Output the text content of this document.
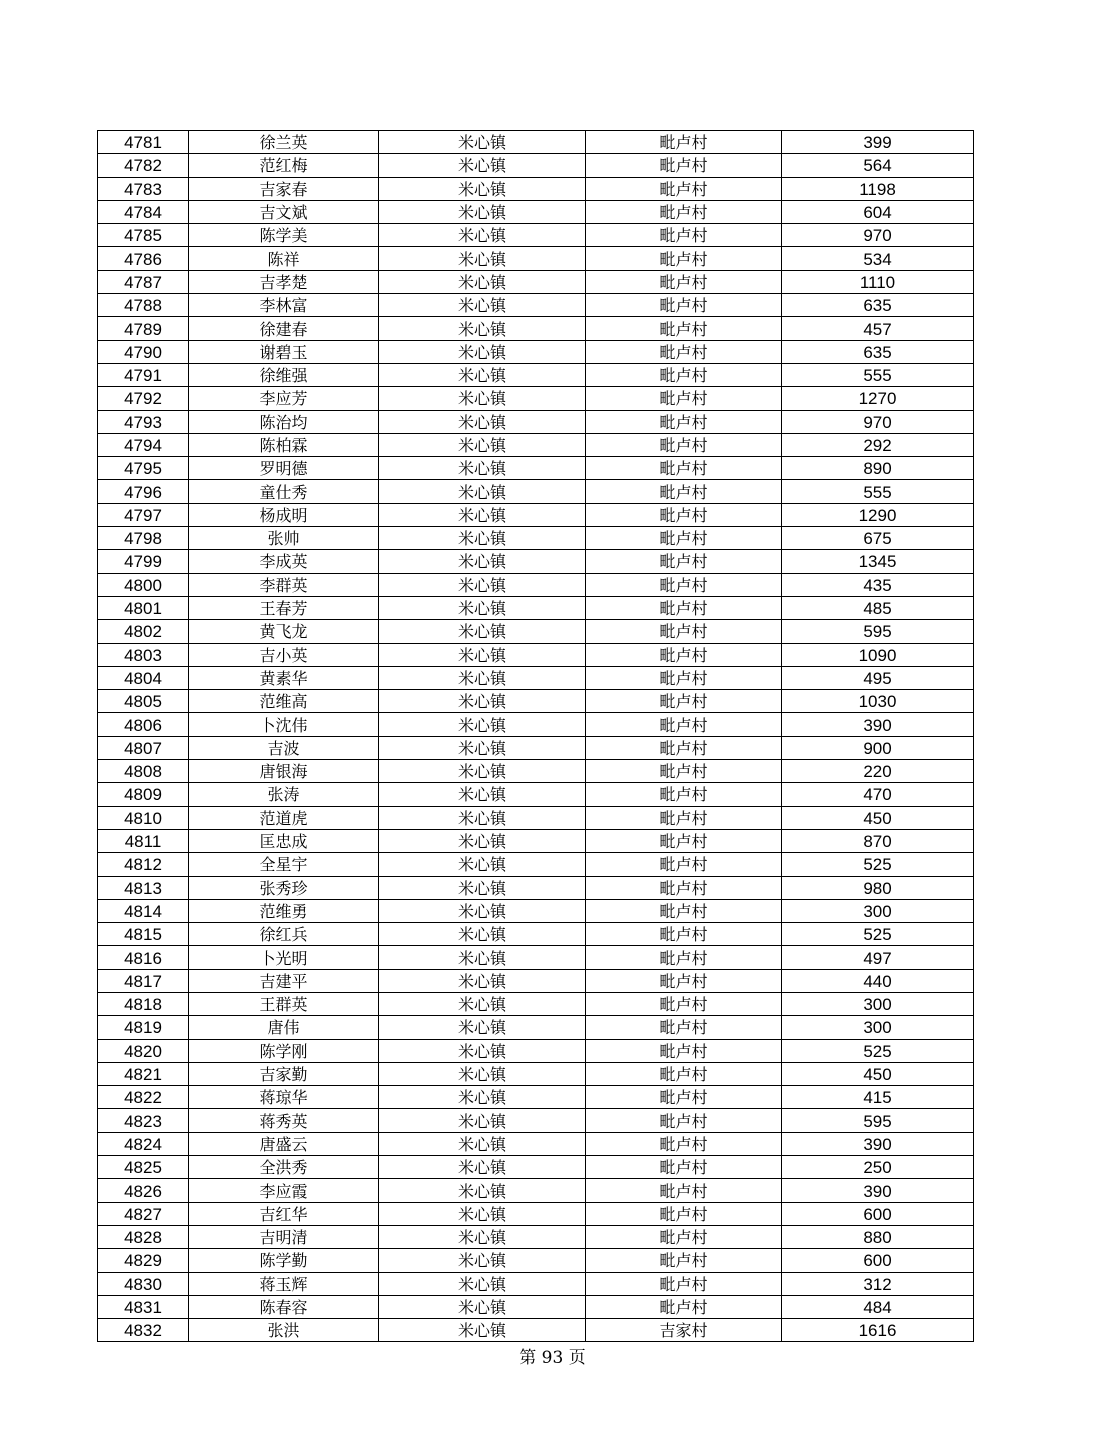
4781	徐兰英	米心镇	毗卢村	399
4782	范红梅	米心镇	毗卢村	564
4783	吉家春	米心镇	毗卢村	1198
4784	吉文斌	米心镇	毗卢村	604
4785	陈学美	米心镇	毗卢村	970
4786	陈祥	米心镇	毗卢村	534
4787	吉孝楚	米心镇	毗卢村	1110
4788	李林富	米心镇	毗卢村	635
4789	徐建春	米心镇	毗卢村	457
4790	谢碧玉	米心镇	毗卢村	635
4791	徐维强	米心镇	毗卢村	555
4792	李应芳	米心镇	毗卢村	1270
4793	陈治均	米心镇	毗卢村	970
4794	陈柏霖	米心镇	毗卢村	292
4795	罗明德	米心镇	毗卢村	890
4796	童仕秀	米心镇	毗卢村	555
4797	杨成明	米心镇	毗卢村	1290
4798	张帅	米心镇	毗卢村	675
4799	李成英	米心镇	毗卢村	1345
4800	李群英	米心镇	毗卢村	435
4801	王春芳	米心镇	毗卢村	485
4802	黄飞龙	米心镇	毗卢村	595
4803	吉小英	米心镇	毗卢村	1090
4804	黄素华	米心镇	毗卢村	495
4805	范维高	米心镇	毗卢村	1030
4806	卜沈伟	米心镇	毗卢村	390
4807	吉波	米心镇	毗卢村	900
4808	唐银海	米心镇	毗卢村	220
4809	张涛	米心镇	毗卢村	470
4810	范道虎	米心镇	毗卢村	450
4811	匡忠成	米心镇	毗卢村	870
4812	全星宇	米心镇	毗卢村	525
4813	张秀珍	米心镇	毗卢村	980
4814	范维勇	米心镇	毗卢村	300
4815	徐红兵	米心镇	毗卢村	525
4816	卜光明	米心镇	毗卢村	497
4817	吉建平	米心镇	毗卢村	440
4818	王群英	米心镇	毗卢村	300
4819	唐伟	米心镇	毗卢村	300
4820	陈学刚	米心镇	毗卢村	525
4821	吉家勤	米心镇	毗卢村	450
4822	蒋琼华	米心镇	毗卢村	415
4823	蒋秀英	米心镇	毗卢村	595
4824	唐盛云	米心镇	毗卢村	390
4825	全洪秀	米心镇	毗卢村	250
4826	李应霞	米心镇	毗卢村	390
4827	吉红华	米心镇	毗卢村	600
4828	吉明清	米心镇	毗卢村	880
4829	陈学勤	米心镇	毗卢村	600
4830	蒋玉辉	米心镇	毗卢村	312
4831	陈春容	米心镇	毗卢村	484
4832	张洪	米心镇	吉家村	1616
第 93 页
